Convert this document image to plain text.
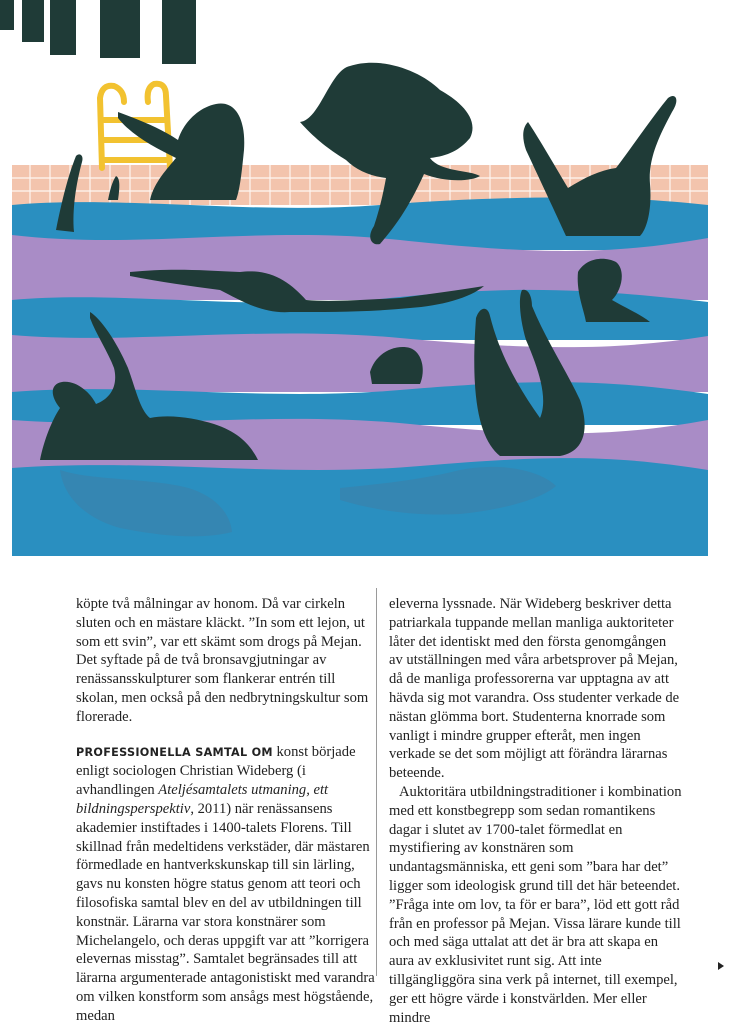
köpte två målningar av honom. Då var cirkeln sluten och en mästare kläckt. ”In som ett lejon, ut som ett svin”, var ett skämt som drogs på Mejan. Det syftade på de två bronsavgjutningar av renässansskulpturer som flankerar entrén till skolan, men också på den nedbrytningskultur som florerade.

PROFESSIONELLA SAMTAL OM konst började enligt sociologen Christian Wideberg (i avhandlingen Ateljésamtalets utmaning, ett bildningsperspektiv, 2011) när renässansens akademier instiftades i 1400-talets Florens. Till skillnad från medeltidens verkstäder, där mästaren förmedlade en hantverkskunskap till sin lärling, gavs nu konsten högre status genom att teori och filosofiska samtal blev en del av utbildningen till konstnär. Lärarna var stora konstnärer som Michelangelo, och deras uppgift var att ”korrigera elevernas misstag”. Samtalet begränsades till att lärarna argumenterade antagonistiskt med varandra om vilken konstform som ansågs mest högstående, medan

eleverna lyssnade. När Wideberg beskriver detta patriarkala tuppande mellan manliga auktoriteter låter det identiskt med den första genomgången av utställningen med våra arbetsprover på Mejan, då de manliga professorerna var upptagna av att hävda sig mot varandra. Oss studenter verkade de nästan glömma bort. Studenterna knorrade som vanligt i mindre grupper efteråt, men ingen verkade se det som möjligt att förändra lärarnas beteende.

Auktoritära utbildningstraditioner i kombination med ett konstbegrepp som sedan romantikens dagar i slutet av 1700-talet förmedlat en mystifiering av konstnären som undantagsmänniska, ett geni som ”bara har det” ligger som ideologisk grund till det här beteendet. ”Fråga inte om lov, ta för er bara”, löd ett gott råd från en professor på Mejan. Vissa lärare kunde till och med säga uttalat att det är bra att skapa en aura av exklusivitet runt sig. Att inte tillgängliggöra sina verk på internet, till exempel, ger ett högre värde i konstvärlden. Mer eller mindre
